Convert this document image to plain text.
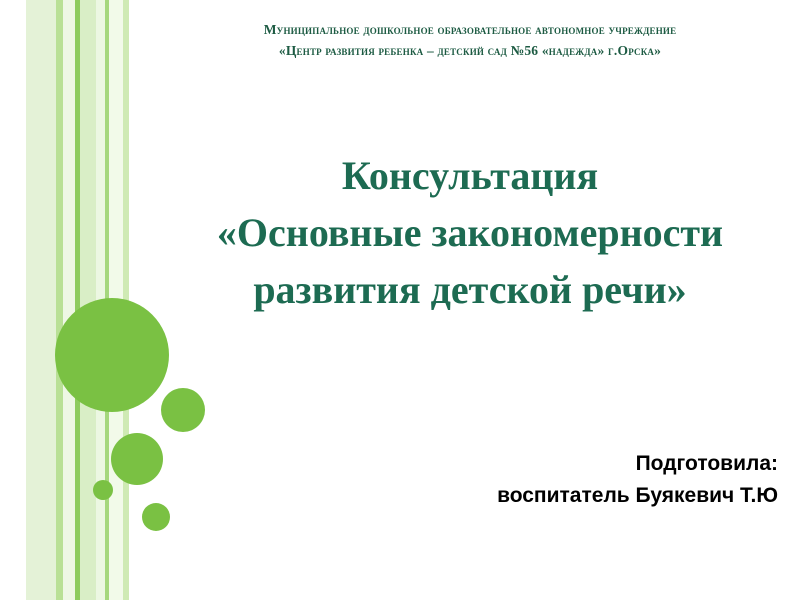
Муниципальное дошкольное образовательное автономное учреждение
«Центр развития ребенка – детский сад №56 «надежда» г.Орска»
Консультация
«Основные закономерности
развития детской речи»
Подготовила:
воспитатель Буякевич Т.Ю
